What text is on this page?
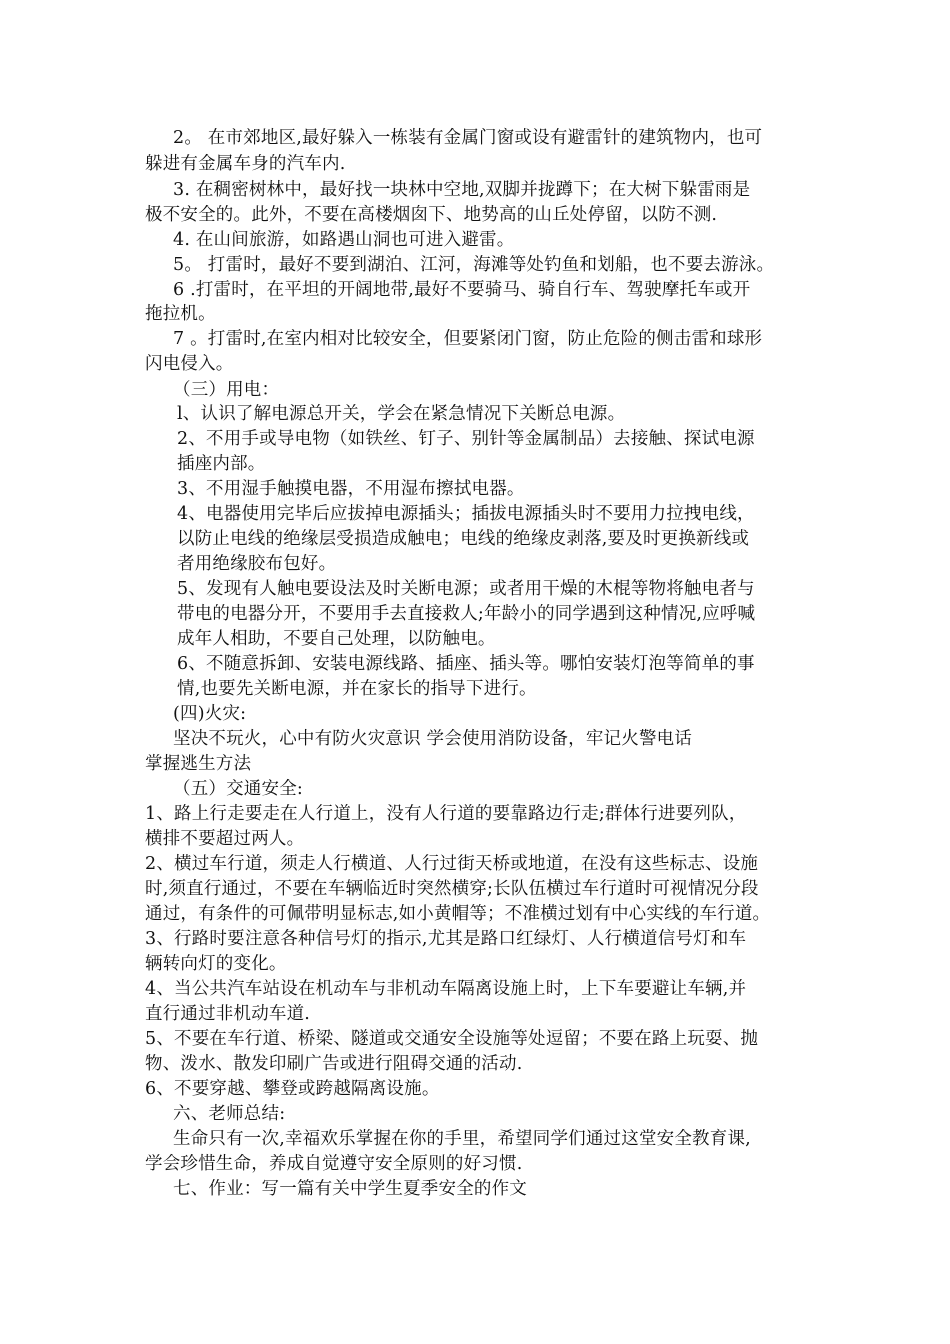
2。 在市郊地区,最好躲入一栋装有金属门窗或设有避雷针的建筑物内，也可
躲进有金属车身的汽车内.
3. 在稠密树林中，最好找一块林中空地,双脚并拢蹲下；在大树下躲雷雨是
极不安全的。此外，不要在高楼烟囱下、地势高的山丘处停留，以防不测.
4. 在山间旅游，如路遇山洞也可进入避雷。
5。 打雷时，最好不要到湖泊、江河，海滩等处钓鱼和划船，也不要去游泳。
6 .打雷时，在平坦的开阔地带,最好不要骑马、骑自行车、驾驶摩托车或开
拖拉机。
7 。打雷时,在室内相对比较安全，但要紧闭门窗，防止危险的侧击雷和球形
闪电侵入。
（三）用电：
l、认识了解电源总开关，学会在紧急情况下关断总电源。
2、不用手或导电物（如铁丝、钉子、别针等金属制品）去接触、探试电源
插座内部。
3、不用湿手触摸电器，不用湿布擦拭电器。
4、电器使用完毕后应拔掉电源插头；插拔电源插头时不要用力拉拽电线，
以防止电线的绝缘层受损造成触电；电线的绝缘皮剥落,要及时更换新线或
者用绝缘胶布包好。
5、发现有人触电要设法及时关断电源；或者用干燥的木棍等物将触电者与
带电的电器分开，不要用手去直接救人;年龄小的同学遇到这种情况,应呼喊
成年人相助，不要自己处理，以防触电。
6、不随意拆卸、安装电源线路、插座、插头等。哪怕安装灯泡等简单的事
情,也要先关断电源，并在家长的指导下进行。
(四)火灾:
坚决不玩火，心中有防火灾意识 学会使用消防设备，牢记火警电话
掌握逃生方法
（五）交通安全:
1、路上行走要走在人行道上，没有人行道的要靠路边行走;群体行进要列队，
横排不要超过两人。
2、横过车行道，须走人行横道、人行过街天桥或地道，在没有这些标志、设施
时,须直行通过，不要在车辆临近时突然横穿;长队伍横过车行道时可视情况分段
通过，有条件的可佩带明显标志,如小黄帽等；不准横过划有中心实线的车行道。
3、行路时要注意各种信号灯的指示,尤其是路口红绿灯、人行横道信号灯和车
辆转向灯的变化。
4、当公共汽车站设在机动车与非机动车隔离设施上时，上下车要避让车辆,并
直行通过非机动车道.
5、不要在车行道、桥梁、隧道或交通安全设施等处逗留；不要在路上玩耍、抛
物、泼水、散发印刷广告或进行阻碍交通的活动.
6、不要穿越、攀登或跨越隔离设施。
六、老师总结:
生命只有一次,幸福欢乐掌握在你的手里，希望同学们通过这堂安全教育课,
学会珍惜生命，养成自觉遵守安全原则的好习惯.
七、作业：写一篇有关中学生夏季安全的作文
